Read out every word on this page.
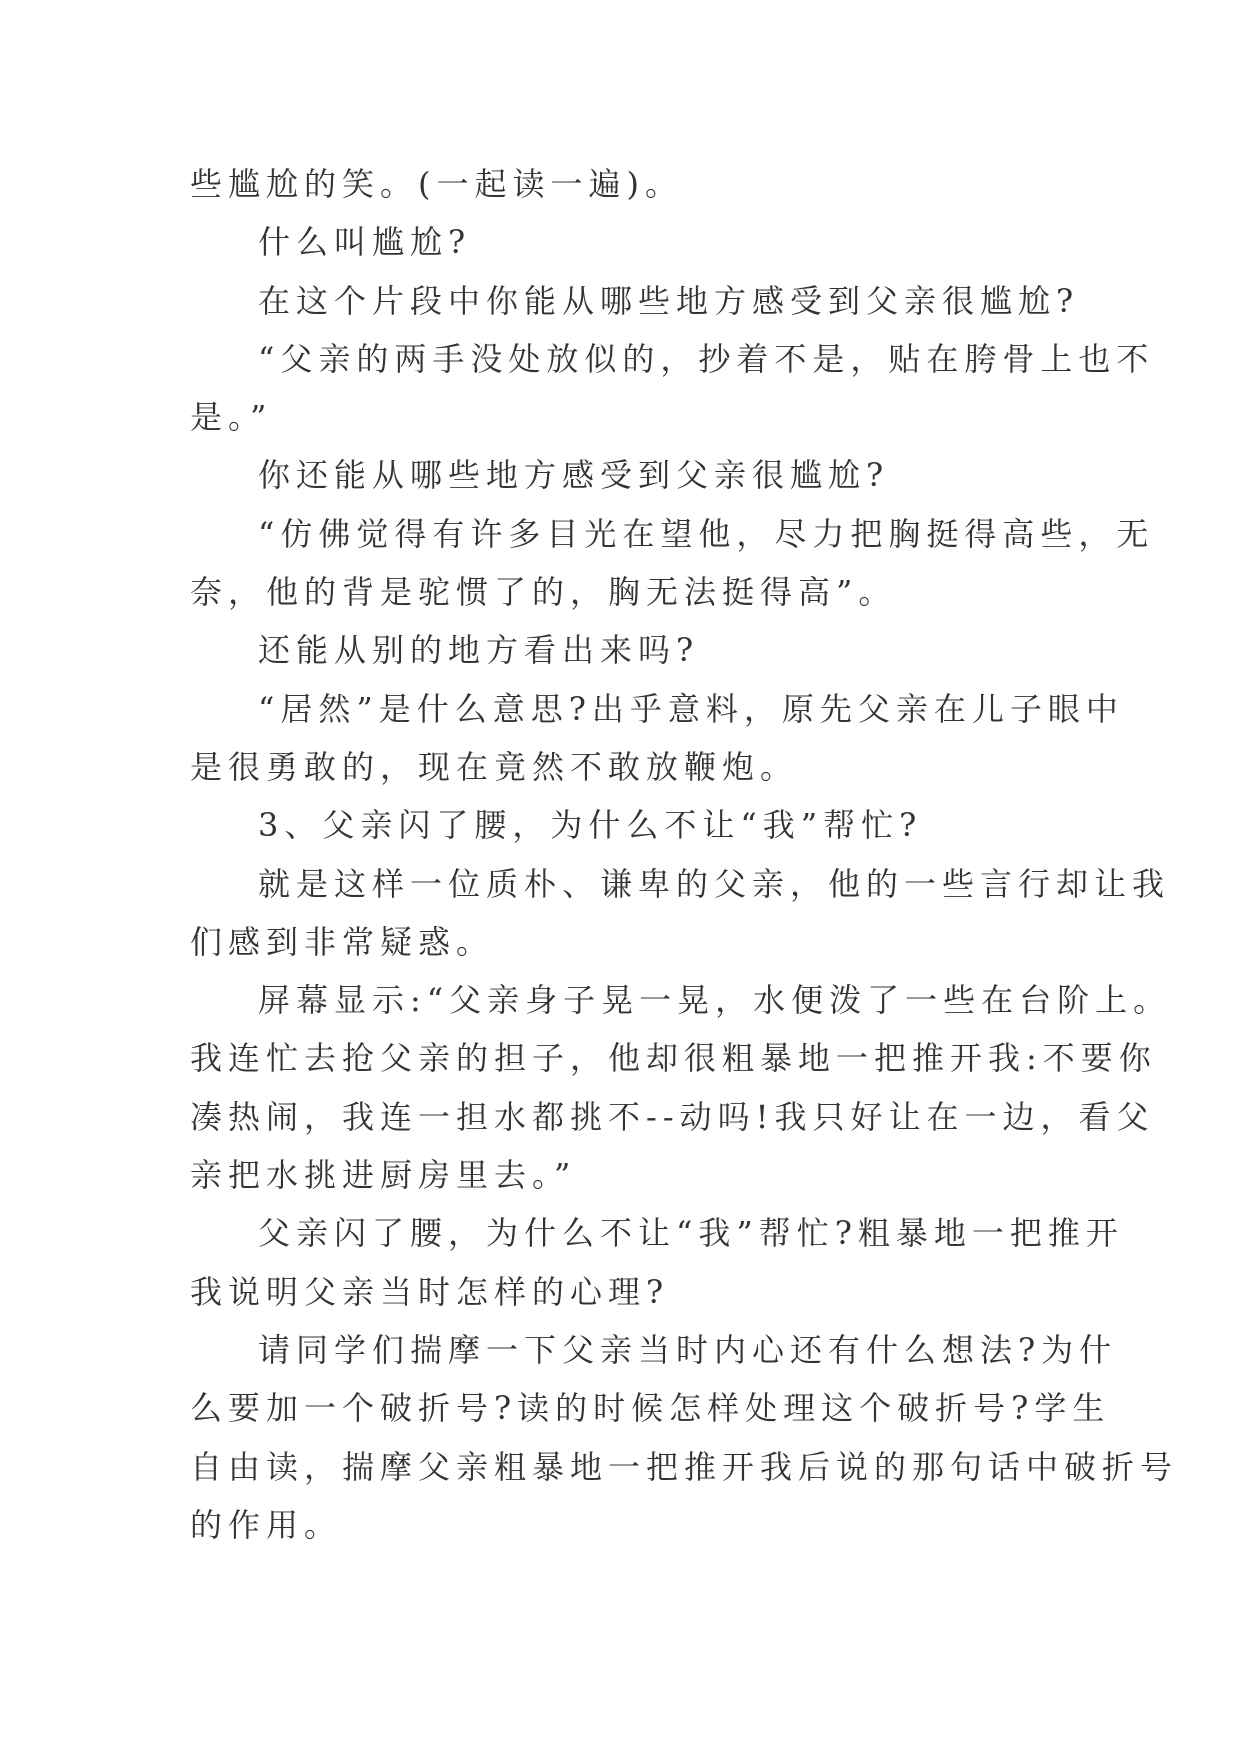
些尴尬的笑。(一起读一遍)。

什么叫尴尬?

在这个片段中你能从哪些地方感受到父亲很尴尬?

“父亲的两手没处放似的，抄着不是，贴在胯骨上也不

是。”

你还能从哪些地方感受到父亲很尴尬?

“仿佛觉得有许多目光在望他，尽力把胸挺得高些，无

奈，他的背是驼惯了的，胸无法挺得高”。

还能从别的地方看出来吗?

“居然”是什么意思?出乎意料，原先父亲在儿子眼中

是很勇敢的，现在竟然不敢放鞭炮。

3、父亲闪了腰，为什么不让“我”帮忙?

就是这样一位质朴、谦卑的父亲，他的一些言行却让我

们感到非常疑惑。

屏幕显示:“父亲身子晃一晃，水便泼了一些在台阶上。

我连忙去抢父亲的担子，他却很粗暴地一把推开我:不要你

凑热闹，我连一担水都挑不--动吗!我只好让在一边，看父

亲把水挑进厨房里去。”

父亲闪了腰，为什么不让“我”帮忙?粗暴地一把推开

我说明父亲当时怎样的心理?

请同学们揣摩一下父亲当时内心还有什么想法?为什

么要加一个破折号?读的时候怎样处理这个破折号?学生

自由读，揣摩父亲粗暴地一把推开我后说的那句话中破折号

的作用。
